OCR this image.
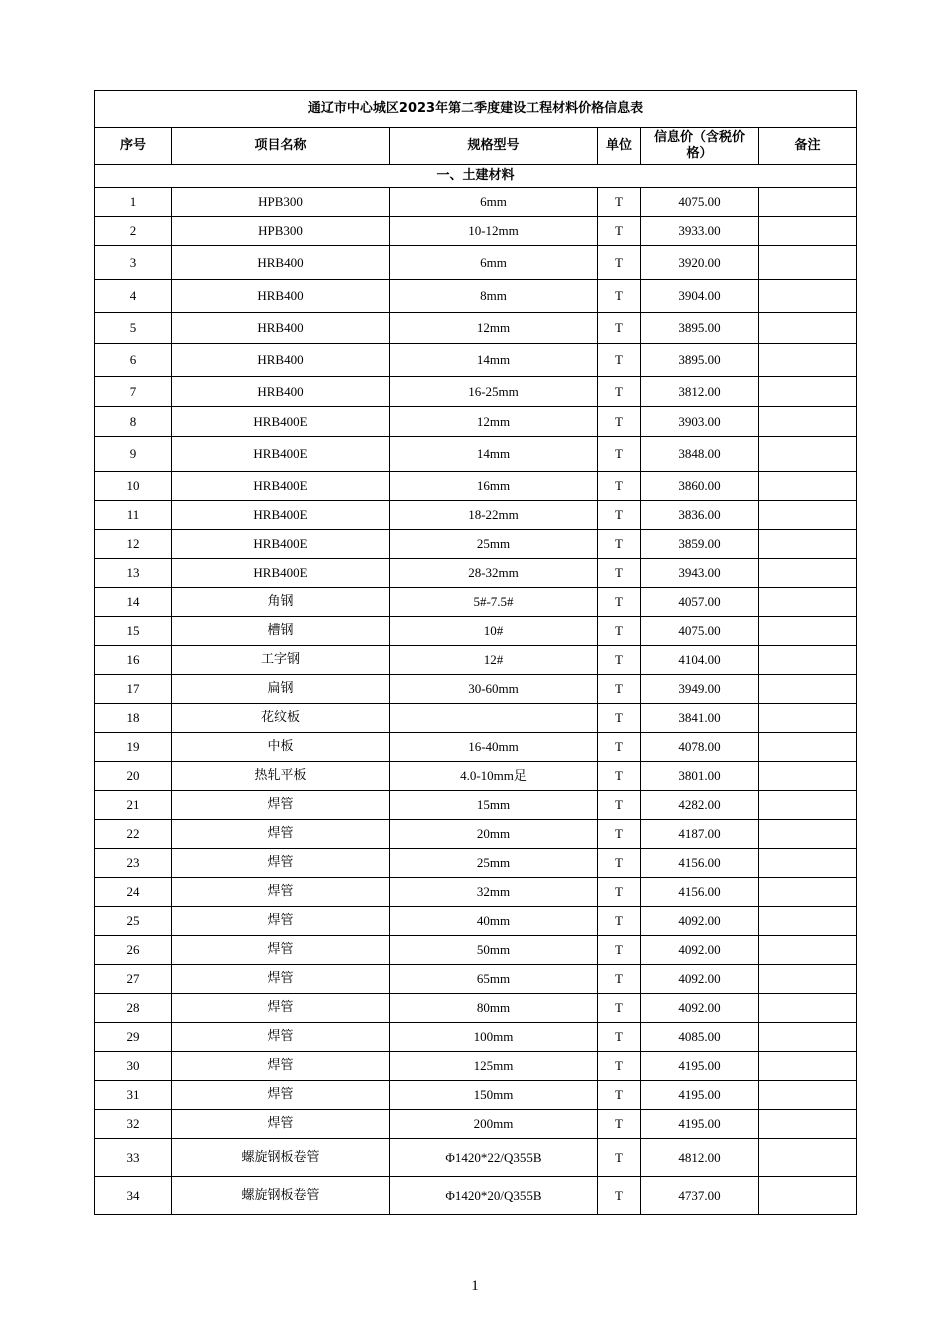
通辽市中心城区2023年第二季度建设工程材料价格信息表					
序号	项目名称	规格型号	单位	信息价（含税价格）	备注
一、土建材料					
1	HPB300	6mm	T	4075.00	
2	HPB300	10-12mm	T	3933.00	
3	HRB400	6mm	T	3920.00	
4	HRB400	8mm	T	3904.00	
5	HRB400	12mm	T	3895.00	
6	HRB400	14mm	T	3895.00	
7	HRB400	16-25mm	T	3812.00	
8	HRB400E	12mm	T	3903.00	
9	HRB400E	14mm	T	3848.00	
10	HRB400E	16mm	T	3860.00	
11	HRB400E	18-22mm	T	3836.00	
12	HRB400E	25mm	T	3859.00	
13	HRB400E	28-32mm	T	3943.00	
14	角钢	5#-7.5#	T	4057.00	
15	槽钢	10#	T	4075.00	
16	工字钢	12#	T	4104.00	
17	扁钢	30-60mm	T	3949.00	
18	花纹板		T	3841.00	
19	中板	16-40mm	T	4078.00	
20	热轧平板	4.0-10mm足	T	3801.00	
21	焊管	15mm	T	4282.00	
22	焊管	20mm	T	4187.00	
23	焊管	25mm	T	4156.00	
24	焊管	32mm	T	4156.00	
25	焊管	40mm	T	4092.00	
26	焊管	50mm	T	4092.00	
27	焊管	65mm	T	4092.00	
28	焊管	80mm	T	4092.00	
29	焊管	100mm	T	4085.00	
30	焊管	125mm	T	4195.00	
31	焊管	150mm	T	4195.00	
32	焊管	200mm	T	4195.00	
33	螺旋钢板卷管	Φ1420*22/Q355B	T	4812.00	
34	螺旋钢板卷管	Φ1420*20/Q355B	T	4737.00	
1
